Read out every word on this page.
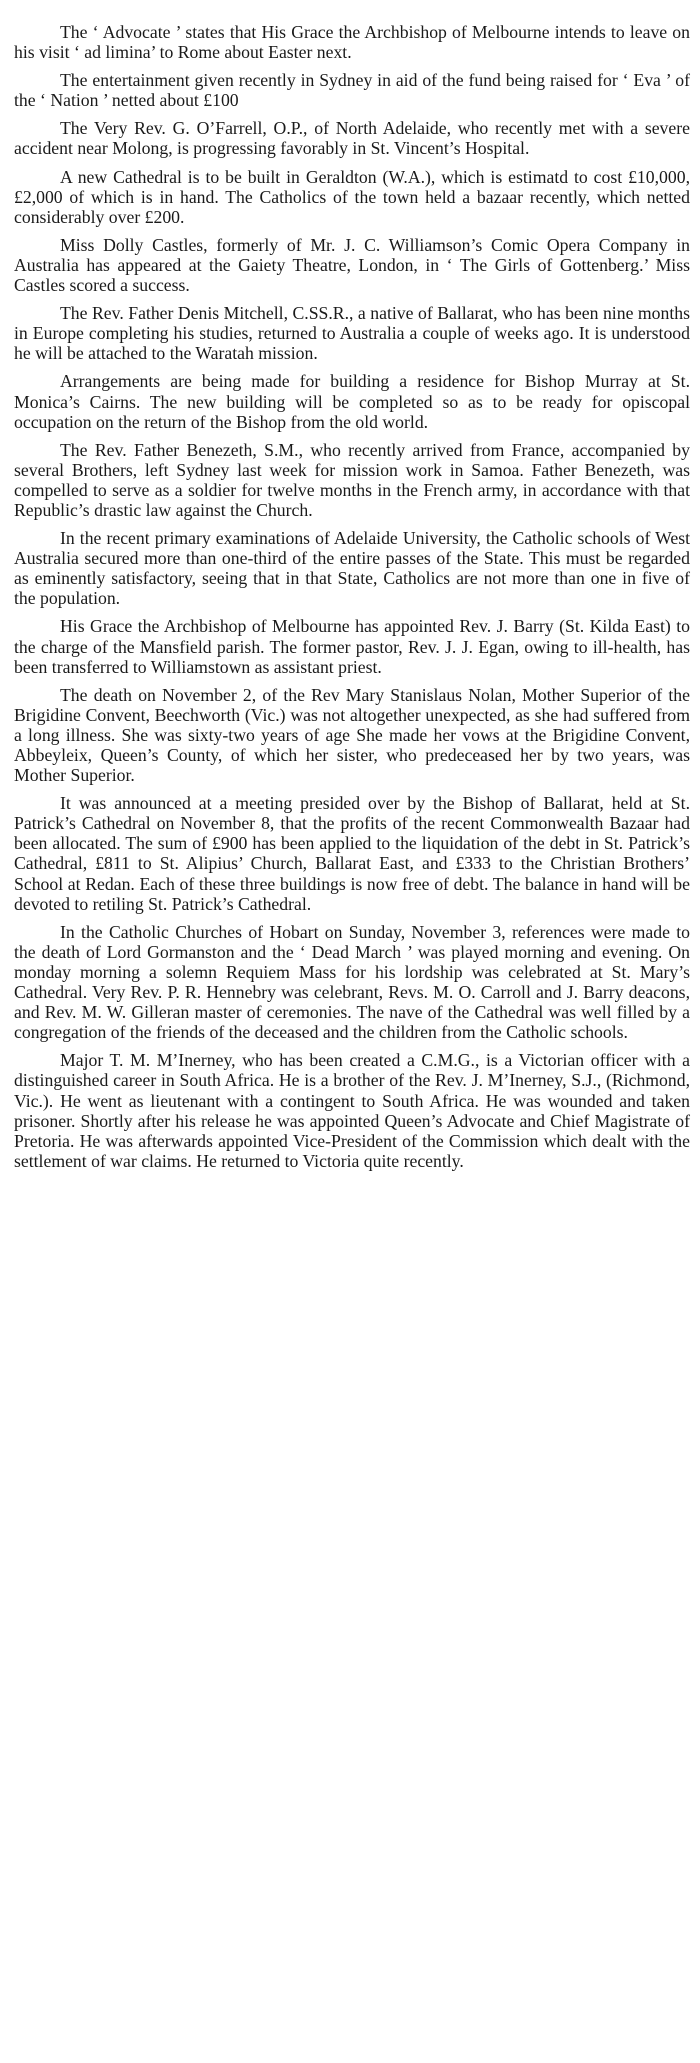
The ‘ Advocate ’ states that His Grace the Archbishop of Melbourne intends to leave on his visit ‘ ad limina’ to Rome about Easter next.

The entertainment given recently in Sydney in aid of the fund being raised for ‘ Eva ’ of the ‘ Nation ’ netted about £100

The Very Rev. G. O’Farrell, O.P., of North Adelaide, who recently met with a severe accident near Molong, is progressing favorably in St. Vincent’s Hospital.

A new Cathedral is to be built in Geraldton (W.A.), which is estimatd to cost £10,000, £2,000 of which is in hand. The Catholics of the town held a bazaar recently, which netted considerably over £200.

Miss Dolly Castles, formerly of Mr. J. C. Williamson’s Comic Opera Company in Australia has appeared at the Gaiety Theatre, London, in ‘ The Girls of Gottenberg.’ Miss Castles scored a success.

The Rev. Father Denis Mitchell, C.SS.R., a native of Ballarat, who has been nine months in Europe completing his studies, returned to Australia a couple of weeks ago. It is understood he will be attached to the Waratah mission.

Arrangements are being made for building a residence for Bishop Murray at St. Monica’s Cairns. The new building will be completed so as to be ready for opiscopal occupation on the return of the Bishop from the old world.

The Rev. Father Benezeth, S.M., who recently arrived from France, accompanied by several Brothers, left Sydney last week for mission work in Samoa. Father Benezeth, was compelled to serve as a soldier for twelve months in the French army, in accordance with that Republic’s drastic law against the Church.

In the recent primary examinations of Adelaide University, the Catholic schools of West Australia secured more than one-third of the entire passes of the State. This must be regarded as eminently satisfactory, seeing that in that State, Catholics are not more than one in five of the population.

His Grace the Archbishop of Melbourne has appointed Rev. J. Barry (St. Kilda East) to the charge of the Mansfield parish. The former pastor, Rev. J. J. Egan, owing to ill-health, has been transferred to Williamstown as assistant priest.

The death on November 2, of the Rev Mary Stanislaus Nolan, Mother Superior of the Brigidine Convent, Beechworth (Vic.) was not altogether unexpected, as she had suffered from a long illness. She was sixty-two years of age She made her vows at the Brigidine Convent, Abbeyleix, Queen’s County, of which her sister, who predeceased her by two years, was Mother Superior.

It was announced at a meeting presided over by the Bishop of Ballarat, held at St. Patrick’s Cathedral on November 8, that the profits of the recent Commonwealth Bazaar had been allocated. The sum of £900 has been applied to the liquidation of the debt in St. Patrick’s Cathedral, £811 to St. Alipius’ Church, Ballarat East, and £333 to the Christian Brothers’ School at Redan. Each of these three buildings is now free of debt. The balance in hand will be devoted to retiling St. Patrick’s Cathedral.

In the Catholic Churches of Hobart on Sunday, November 3, references were made to the death of Lord Gormanston and the ‘ Dead March ’ was played morning and evening. On monday morning a solemn Requiem Mass for his lordship was celebrated at St. Mary’s Cathedral. Very Rev. P. R. Hennebry was celebrant, Revs. M. O. Carroll and J. Barry deacons, and Rev. M. W. Gilleran master of ceremonies. The nave of the Cathedral was well filled by a congregation of the friends of the deceased and the children from the Catholic schools.

Major T. M. M’Inerney, who has been created a C.M.G., is a Victorian officer with a distinguished career in South Africa. He is a brother of the Rev. J. M’Inerney, S.J., (Richmond, Vic.). He went as lieutenant with a contingent to South Africa. He was wounded and taken prisoner. Shortly after his release he was appointed Queen’s Advocate and Chief Magistrate of Pretoria. He was afterwards appointed Vice-President of the Commission which dealt with the settlement of war claims. He returned to Victoria quite recently.
